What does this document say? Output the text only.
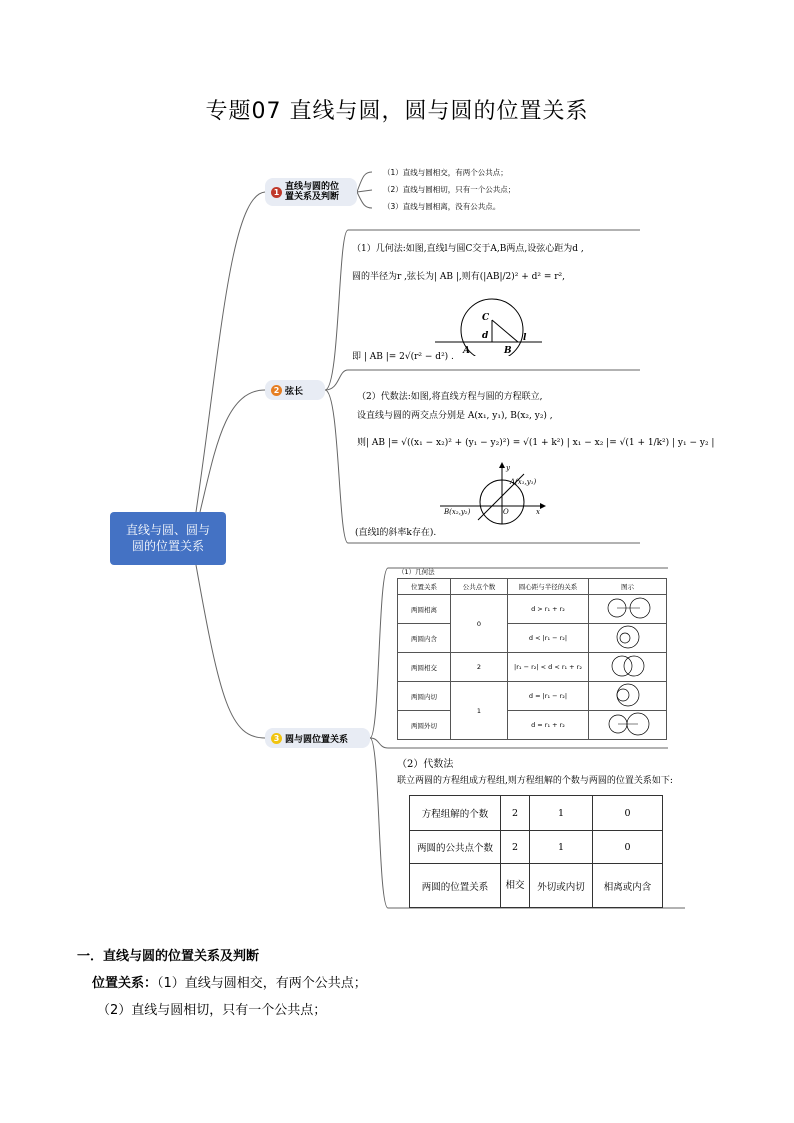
专题07 直线与圆，圆与圆的位置关系
直线与圆、圆与
圆的位置关系
1 直线与圆的位
置关系及判断
（1）直线与圆相交，有两个公共点；
（2）直线与圆相切，只有一个公共点；
（3）直线与圆相离，没有公共点。
2 弦长
（1）几何法:如图,直线l与圆C交于A,B两点,设弦心距为d ,
圆的半径为r ,弦长为| AB |,则有(|AB|/2)² + d² = r²,
C
d	l
A	B
即 | AB |= 2√(r² − d²) .
（2）代数法:如图,将直线方程与圆的方程联立,
设直线与圆的两交点分别是 A(x₁, y₁), B(x₂, y₂) ,
则| AB |= √((x₁ − x₂)² + (y₁ − y₂)²) = √(1 + k²) | x₁ − x₂ |= √(1 + 1/k²) | y₁ − y₂ |
y
A(x₁,y₁)
B(x₂,y₂)	O	x
(直线l的斜率k存在).
3 圆与圆位置关系
（1）几何法
位置关系	公共点个数	圆心距与半径的关系	图示
两圆相离	0	d > r₁ + r₂	
两圆内含		d < |r₁ − r₂|	
两圆相交	2	|r₁ − r₂| < d < r₁ + r₂	
两圆内切	1	d = |r₁ − r₂|	
两圆外切		d = r₁ + r₂	
（2）代数法
联立两圆的方程组成方程组,则方程组解的个数与两圆的位置关系如下:
方程组解的个数	2	1	0
两圆的公共点个数	2	1	0
两圆的位置关系	相交	外切或内切	相离或内含
一．直线与圆的位置关系及判断
位置关系：（1）直线与圆相交，有两个公共点；
（2）直线与圆相切，只有一个公共点；
